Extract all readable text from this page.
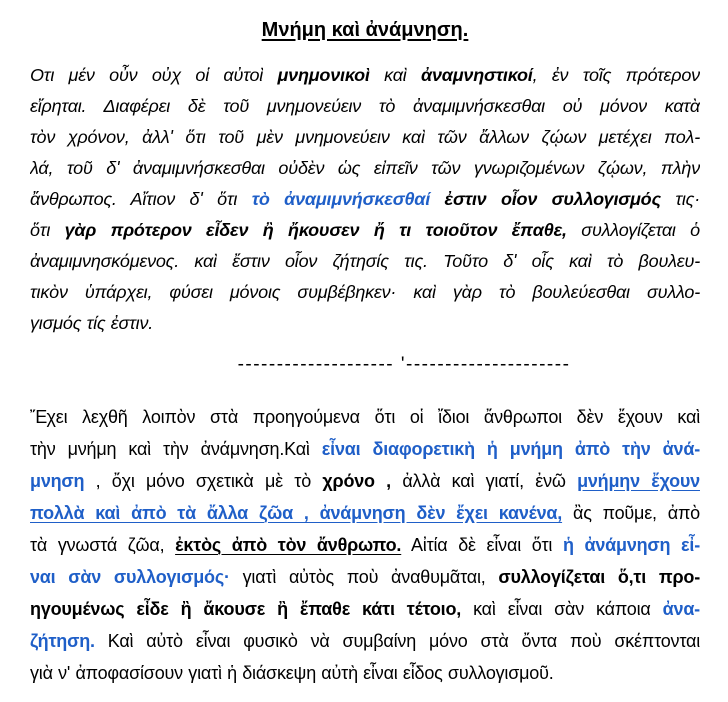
Μνήμη καὶ ἀνάμνηση.
Οτι μέν οὖν οὐχ οἱ αὐτοὶ μνημονικοὶ καὶ ἀναμνηστικοί, ἐν τοῖς πρότερον
εἴρηται. Διαφέρει δὲ τοῦ μνημονεύειν τὸ ἀναμιμνήσκεσθαι οὐ μόνον κατὰ
τὸν χρόνον, ἀλλ' ὅτι τοῦ μὲν μνημονεύειν καὶ τῶν ἄλλων ζῴων μετέχει πολ-
λά, τοῦ δ' ἀναμιμνήσκεσθαι οὐδὲν ὡς εἰπεῖν τῶν γνωριζομένων ζῴων, πλὴν
ἄνθρωπος. Αἴτιον δ' ὅτι τὸ ἀναμιμνήσκεσθαί ἐστιν οἷον συλλογισμός τις·
ὅτι γὰρ πρότερον εἶδεν ἢ ἤκουσεν ἤ τι τοιοῦτον ἔπαθε, συλλογίζεται ὁ
ἀναμιμνησκόμενος. καὶ ἔστιν οἷον ζήτησίς τις. Τοῦτο δ' οἷς καὶ τὸ βουλευ-
τικὸν ὑπάρχει, φύσει μόνοις συμβέβηκεν· καὶ γὰρ τὸ βουλεύεσθαι συλλο-
γισμός τίς ἐστιν.
-------------------- '---------------------
Ἔχει λεχθῆ λοιπὸν στὰ προηγούμενα ὅτι οἱ ἴδιοι ἄνθρωποι δὲν ἔχουν καὶ
τὴν μνήμη καὶ τὴν ἀνάμνηση.Καὶ εἶναι διαφορετικὴ ἡ μνήμη ἀπὸ τὴν ἀνά-
μνηση , ὄχι μόνο σχετικὰ μὲ τὸ χρόνο , ἀλλὰ καὶ γιατί, ἐνῶ μνήμην ἔχουν
πολλὰ καὶ ἀπὸ τὰ ἄλλα ζῶα , ἀνάμνηση δὲν ἔχει κανένα, ἂς ποῦμε, ἀπὸ
τὰ γνωστά ζῶα, ἐκτὸς ἀπὸ τὸν ἄνθρωπο. Αἰτία δὲ εἶναι ὅτι ἡ ἀνάμνηση εἶ-
ναι σὰν συλλογισμός· γιατὶ αὐτὸς ποὺ ἀναθυμᾶται, συλλογίζεται ὅ,τι προ-
ηγουμένως εἶδε ἢ ἄκουσε ἢ ἔπαθε κάτι τέτοιο, καὶ εἶναι σὰν κάποια ἀνα-
ζήτηση. Καὶ αὐτὸ εἶναι φυσικὸ νὰ συμβαίνη μόνο στὰ ὄντα ποὺ σκέπτονται
γιὰ ν' ἀποφασίσουν γιατὶ ἡ διάσκεψη αὐτὴ εἶναι εἶδος συλλογισμοῦ.
